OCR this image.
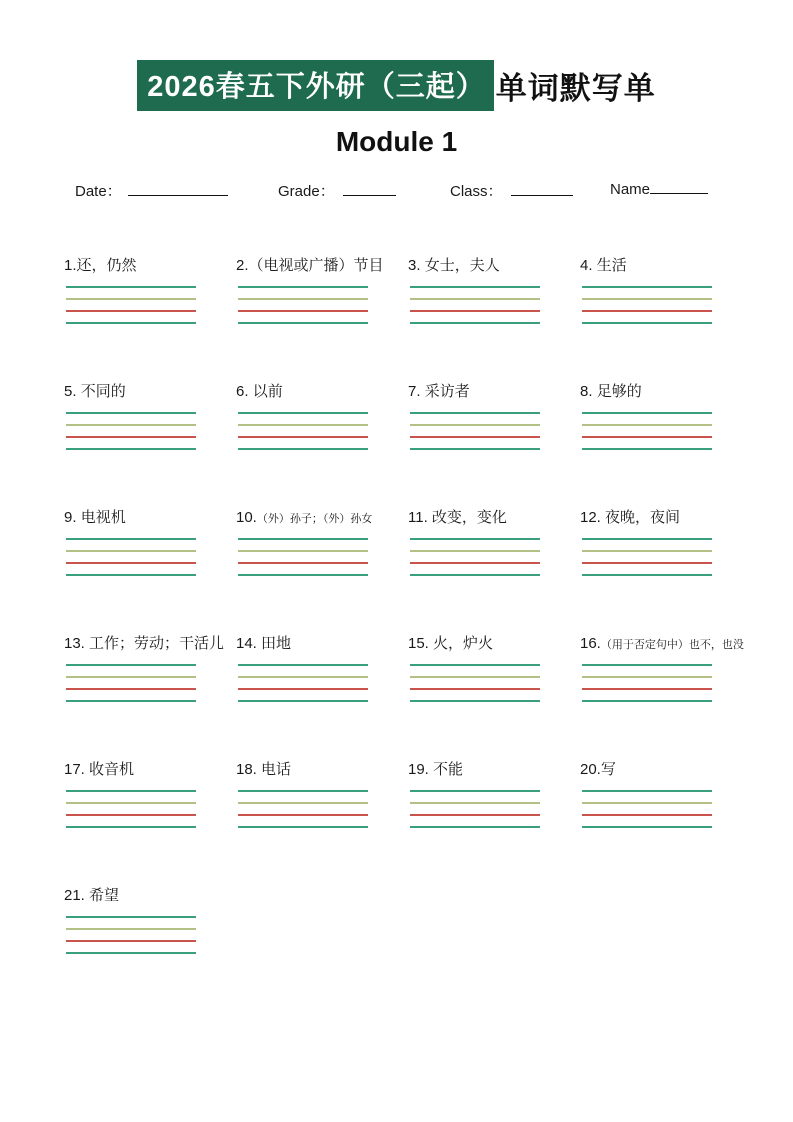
2026春五下外研（三起） 单词默写单
Module 1
Date：	Grade：	Class：	Name
1.还，仍然	2.（电视或广播）节目	3. 女士，夫人	4. 生活
5. 不同的	6. 以前	7. 采访者	8. 足够的
9. 电视机	10.（外）孙子；（外）孙女	11. 改变，变化	12. 夜晚，夜间
13. 工作；劳动；干活儿 14. 田地	15. 火，炉火	16.（用于否定句中）也不，也没
17. 收音机	18. 电话	19. 不能	20.写
21. 希望
